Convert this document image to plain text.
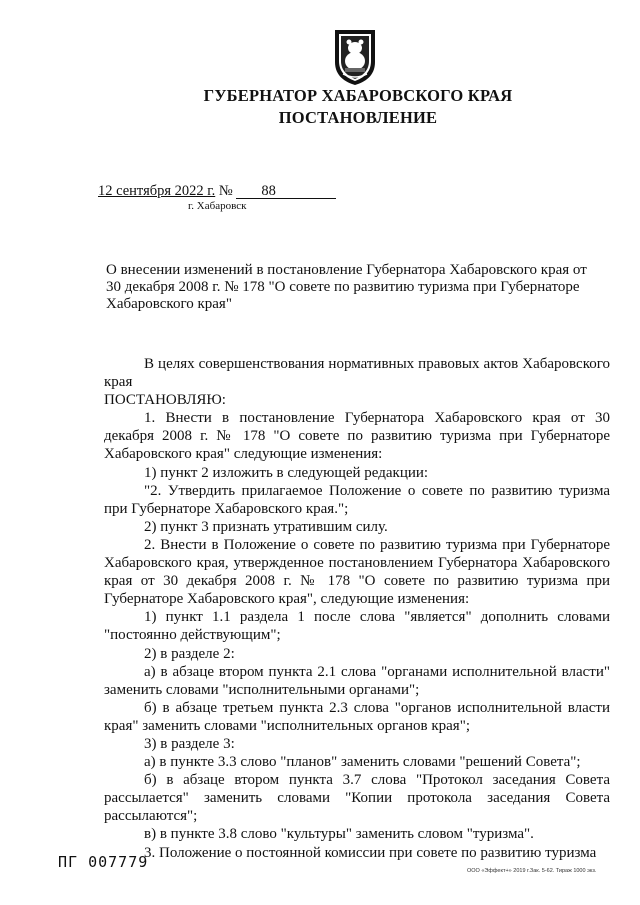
ГУБЕРНАТОР ХАБАРОВСКОГО КРАЯ
ПОСТАНОВЛЕНИЕ
12 сентября 2022 г. № 88
г. Хабаровск
О внесении изменений в постановление Губернатора Хабаровского края от
30 декабря 2008 г. № 178 "О совете по развитию туризма при Губернаторе
Хабаровского края"
В целях совершенствования нормативных правовых актов Хабаровского края
ПОСТАНОВЛЯЮ:
1. Внести в постановление Губернатора Хабаровского края от 30 декабря 2008 г. № 178 "О совете по развитию туризма при Губернаторе Хабаровского края" следующие изменения:
1) пункт 2 изложить в следующей редакции:
"2. Утвердить прилагаемое Положение о совете по развитию туризма при Губернаторе Хабаровского края.";
2) пункт 3 признать утратившим силу.
2. Внести в Положение о совете по развитию туризма при Губернаторе Хабаровского края, утвержденное постановлением Губернатора Хабаровского края от 30 декабря 2008 г. № 178 "О совете по развитию туризма при Губернаторе Хабаровского края", следующие изменения:
1) пункт 1.1 раздела 1 после слова "является" дополнить словами "постоянно действующим";
2) в разделе 2:
а) в абзаце втором пункта 2.1 слова "органами исполнительной власти" заменить словами "исполнительными органами";
б) в абзаце третьем пункта 2.3 слова "органов исполнительной власти края" заменить словами "исполнительных органов края";
3) в разделе 3:
а) в пункте 3.3 слово "планов" заменить словами "решений Совета";
б) в абзаце втором пункта 3.7 слова "Протокол заседания Совета рассылается" заменить словами "Копии протокола заседания Совета рассылаются";
в) в пункте 3.8 слово "культуры" заменить словом "туризма".
3. Положение о постоянной комиссии при совете по развитию туризма
ПГ 007779	ООО «Эффект+» 2019 г.Зак. 5-62. Тираж 1000 экз.
